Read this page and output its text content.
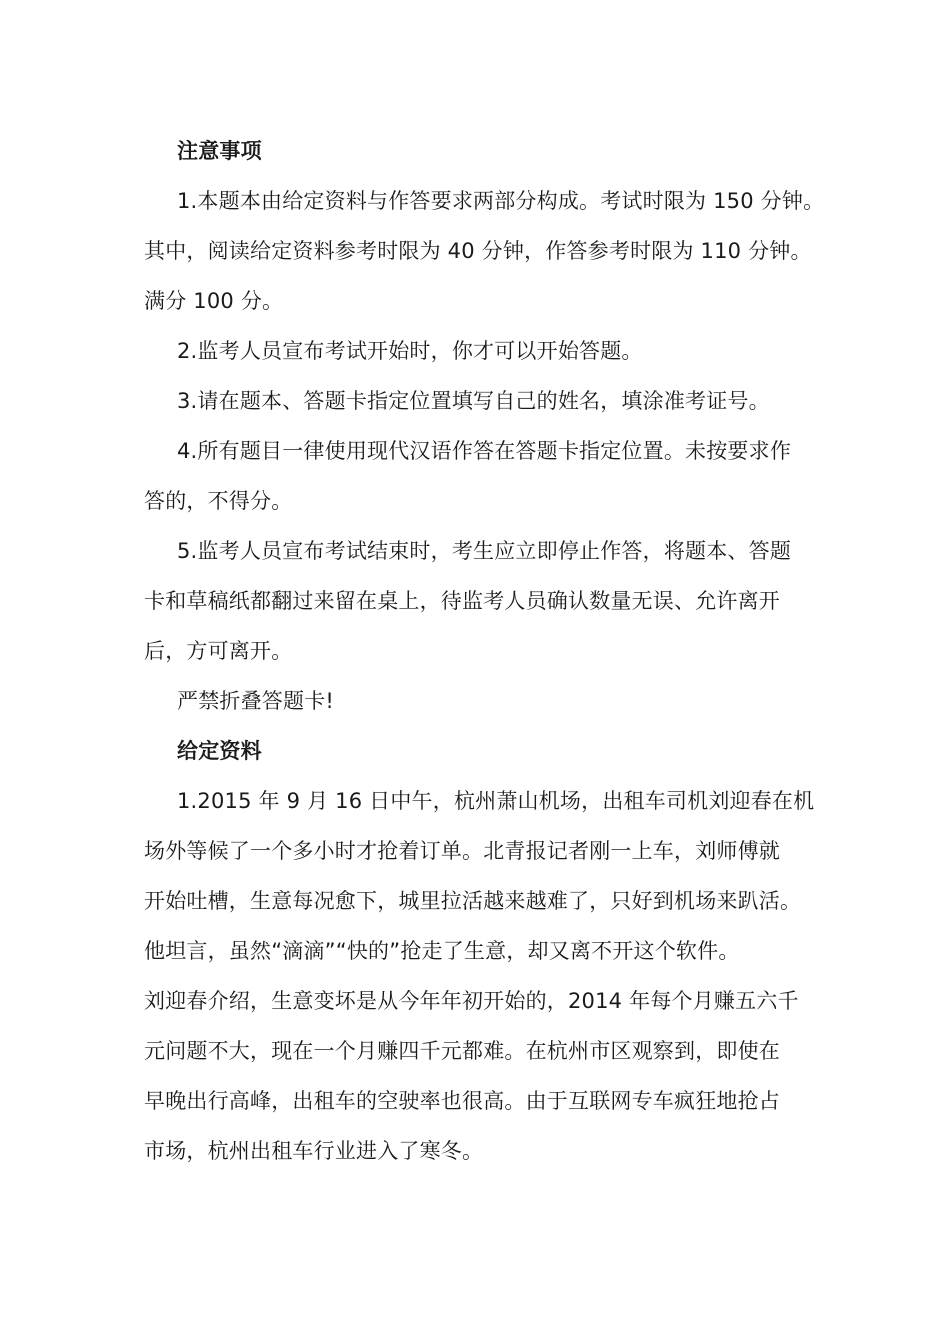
注意事项
1.本题本由给定资料与作答要求两部分构成。考试时限为 150 分钟。
其中，阅读给定资料参考时限为 40 分钟，作答参考时限为 110 分钟。
满分 100 分。
2.监考人员宣布考试开始时，你才可以开始答题。
3.请在题本、答题卡指定位置填写自己的姓名，填涂准考证号。
4.所有题目一律使用现代汉语作答在答题卡指定位置。未按要求作
答的，不得分。
5.监考人员宣布考试结束时，考生应立即停止作答，将题本、答题
卡和草稿纸都翻过来留在桌上，待监考人员确认数量无误、允许离开
后，方可离开。
严禁折叠答题卡!
给定资料
1.2015 年 9 月 16 日中午，杭州萧山机场，出租车司机刘迎春在机
场外等候了一个多小时才抢着订单。北青报记者刚一上车，刘师傅就
开始吐槽，生意每况愈下，城里拉活越来越难了，只好到机场来趴活。
他坦言，虽然“滴滴”“快的”抢走了生意，却又离不开这个软件。
刘迎春介绍，生意变坏是从今年年初开始的，2014 年每个月赚五六千
元问题不大，现在一个月赚四千元都难。在杭州市区观察到，即使在
早晚出行高峰，出租车的空驶率也很高。由于互联网专车疯狂地抢占
市场，杭州出租车行业进入了寒冬。
